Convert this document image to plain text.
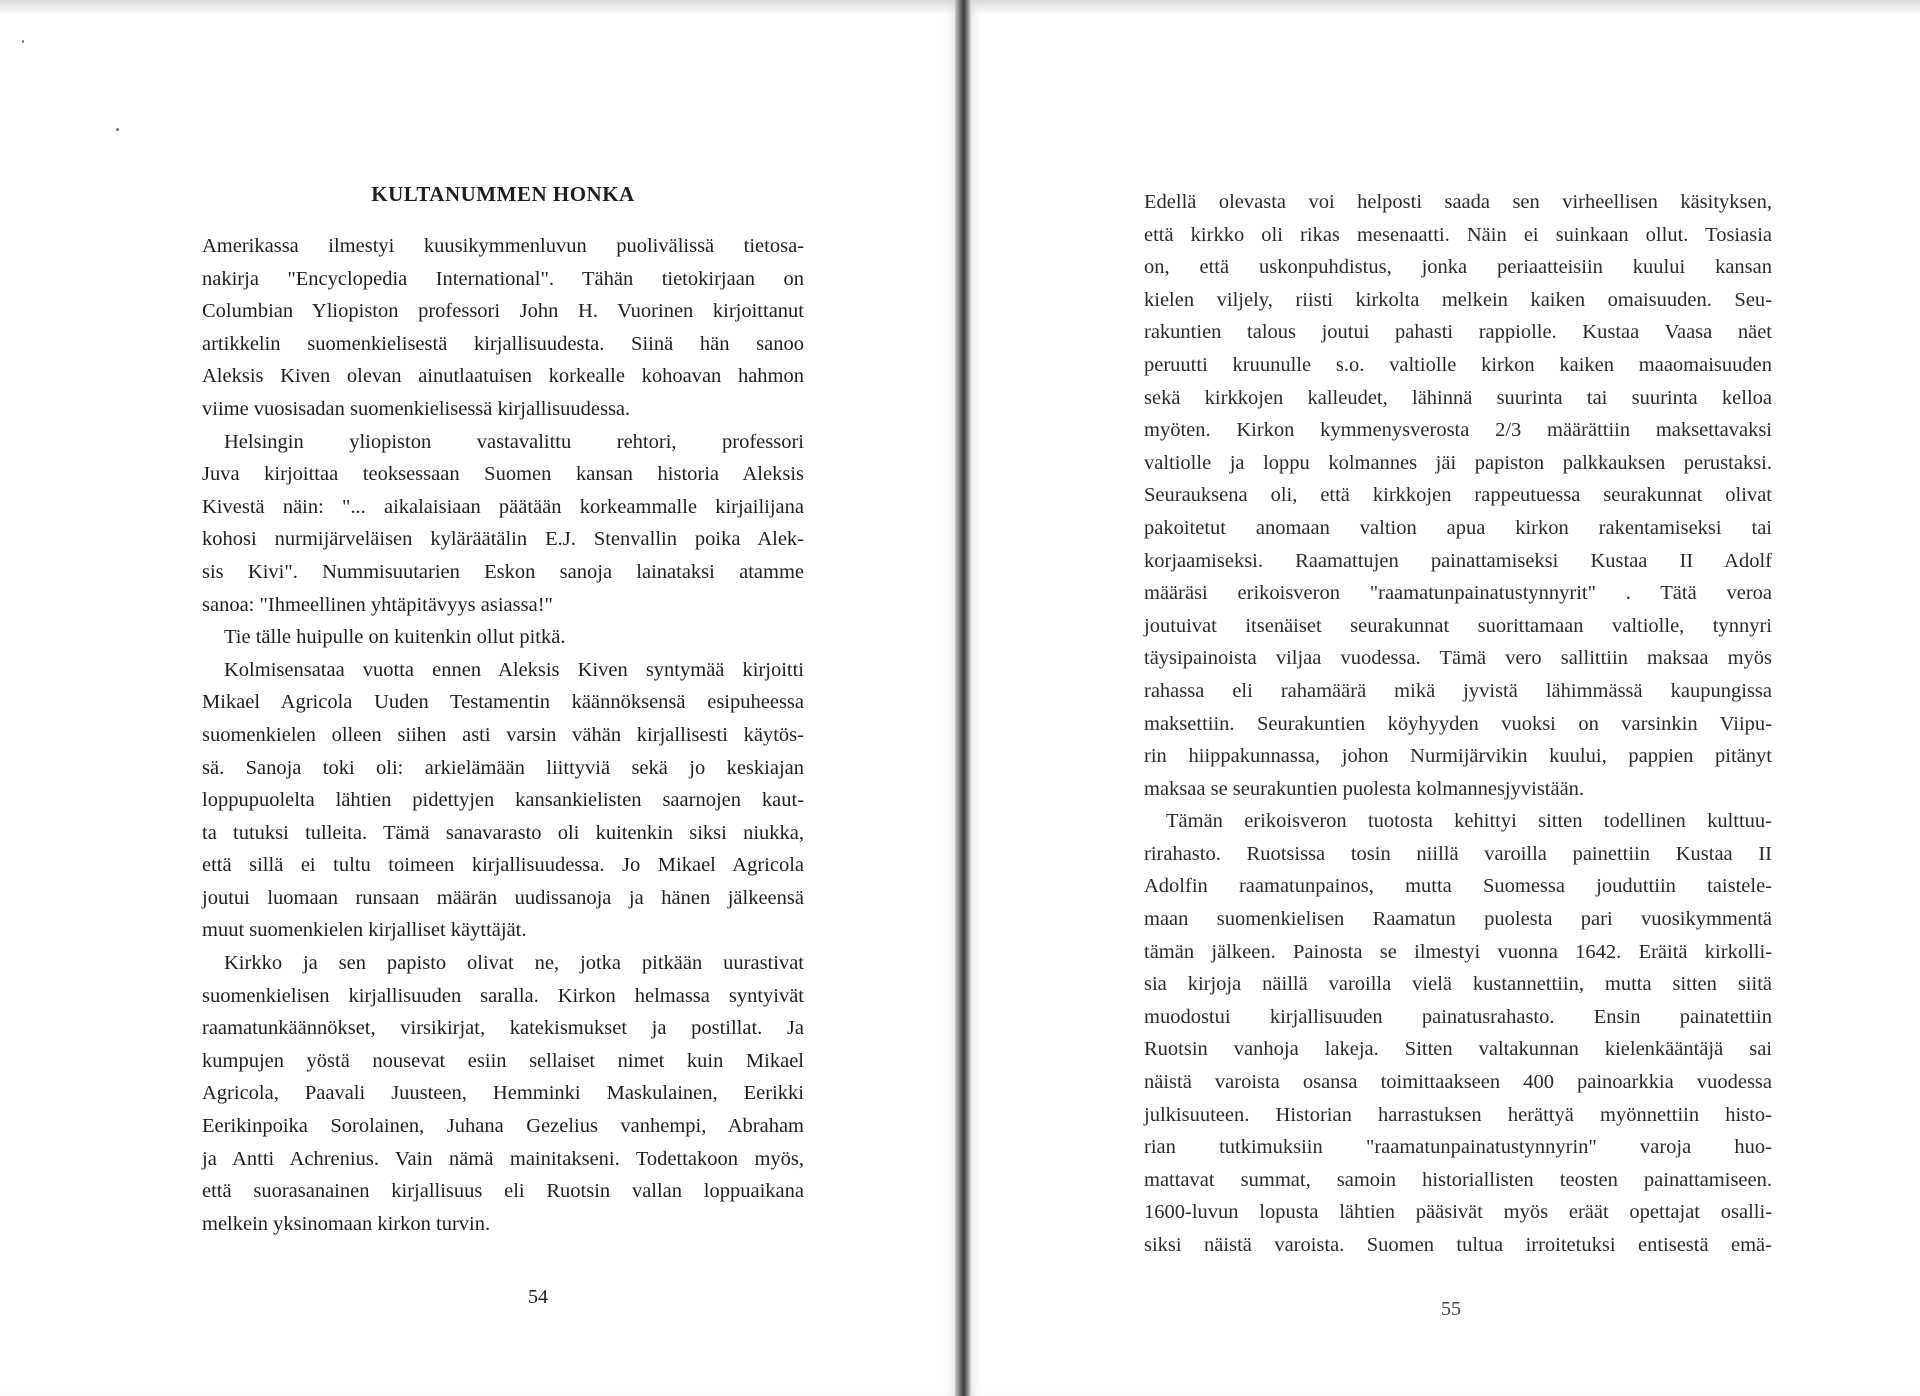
KULTANUMMEN HONKA
Amerikassa ilmestyi kuusikymmenluvun puolivälissä tietosa-
nakirja "Encyclopedia International". Tähän tietokirjaan on
Columbian Yliopiston professori John H. Vuorinen kirjoittanut
artikkelin suomenkielisestä kirjallisuudesta. Siinä hän sanoo
Aleksis Kiven olevan ainutlaatuisen korkealle kohoavan hahmon
viime vuosisadan suomenkielisessä kirjallisuudessa.
Helsingin yliopiston vastavalittu rehtori, professori
Juva kirjoittaa teoksessaan Suomen kansan historia Aleksis
Kivestä näin: "... aikalaisiaan päätään korkeammalle kirjailijana
kohosi nurmijärveläisen kyläräätälin E.J. Stenvallin poika Alek-
sis Kivi". Nummisuutarien Eskon sanoja lainataksi atamme
sanoa: "Ihmeellinen yhtäpitävyys asiassa!"
Tie tälle huipulle on kuitenkin ollut pitkä.
Kolmisensataa vuotta ennen Aleksis Kiven syntymää kirjoitti
Mikael Agricola Uuden Testamentin käännöksensä esipuheessa
suomenkielen olleen siihen asti varsin vähän kirjallisesti käytös-
sä. Sanoja toki oli: arkielämään liittyviä sekä jo keskiajan
loppupuolelta lähtien pidettyjen kansankielisten saarnojen kaut-
ta tutuksi tulleita. Tämä sanavarasto oli kuitenkin siksi niukka,
että sillä ei tultu toimeen kirjallisuudessa. Jo Mikael Agricola
joutui luomaan runsaan määrän uudissanoja ja hänen jälkeensä
muut suomenkielen kirjalliset käyttäjät.
Kirkko ja sen papisto olivat ne, jotka pitkään uurastivat
suomenkielisen kirjallisuuden saralla. Kirkon helmassa syntyivät
raamatunkäännökset, virsikirjat, katekismukset ja postillat. Ja
kumpujen yöstä nousevat esiin sellaiset nimet kuin Mikael
Agricola, Paavali Juusteen, Hemminki Maskulainen, Eerikki
Eerikinpoika Sorolainen, Juhana Gezelius vanhempi, Abraham
ja Antti Achrenius. Vain nämä mainitakseni. Todettakoon myös,
että suorasanainen kirjallisuus eli Ruotsin vallan loppuaikana
melkein yksinomaan kirkon turvin.
Edellä olevasta voi helposti saada sen virheellisen käsityksen,
että kirkko oli rikas mesenaatti. Näin ei suinkaan ollut. Tosiasia
on, että uskonpuhdistus, jonka periaatteisiin kuului kansan
kielen viljely, riisti kirkolta melkein kaiken omaisuuden. Seu-
rakuntien talous joutui pahasti rappiolle. Kustaa Vaasa näet
peruutti kruunulle s.o. valtiolle kirkon kaiken maaomaisuuden
sekä kirkkojen kalleudet, lähinnä suurinta tai suurinta kelloa
myöten. Kirkon kymmenysverosta 2/3 määrättiin maksettavaksi
valtiolle ja loppu kolmannes jäi papiston palkkauksen perustaksi.
Seurauksena oli, että kirkkojen rappeutuessa seurakunnat olivat
pakoitetut anomaan valtion apua kirkon rakentamiseksi tai
korjaamiseksi. Raamattujen painattamiseksi Kustaa II Adolf
määräsi erikoisveron "raamatunpainatustynnyrit" . Tätä veroa
joutuivat itsenäiset seurakunnat suorittamaan valtiolle, tynnyri
täysipainoista viljaa vuodessa. Tämä vero sallittiin maksaa myös
rahassa eli rahamäärä mikä jyvistä lähimmässä kaupungissa
maksettiin. Seurakuntien köyhyyden vuoksi on varsinkin Viipu-
rin hiippakunnassa, johon Nurmijärvikin kuului, pappien pitänyt
maksaa se seurakuntien puolesta kolmannesjyvistään.
Tämän erikoisveron tuotosta kehittyi sitten todellinen kulttuu-
rirahasto. Ruotsissa tosin niillä varoilla painettiin Kustaa II
Adolfin raamatunpainos, mutta Suomessa jouduttiin taistele-
maan suomenkielisen Raamatun puolesta pari vuosikymmentä
tämän jälkeen. Painosta se ilmestyi vuonna 1642. Eräitä kirkolli-
sia kirjoja näillä varoilla vielä kustannettiin, mutta sitten siitä
muodostui kirjallisuuden painatusrahasto. Ensin painatettiin
Ruotsin vanhoja lakeja. Sitten valtakunnan kielenkääntäjä sai
näistä varoista osansa toimittaakseen 400 painoarkkia vuodessa
julkisuuteen. Historian harrastuksen herättyä myönnettiin histo-
rian tutkimuksiin "raamatunpainatustynnyrin" varoja huo-
mattavat summat, samoin historiallisten teosten painattamiseen.
1600-luvun lopusta lähtien pääsivät myös eräät opettajat osalli-
siksi näistä varoista. Suomen tultua irroitetuksi entisestä emä-
54
55
